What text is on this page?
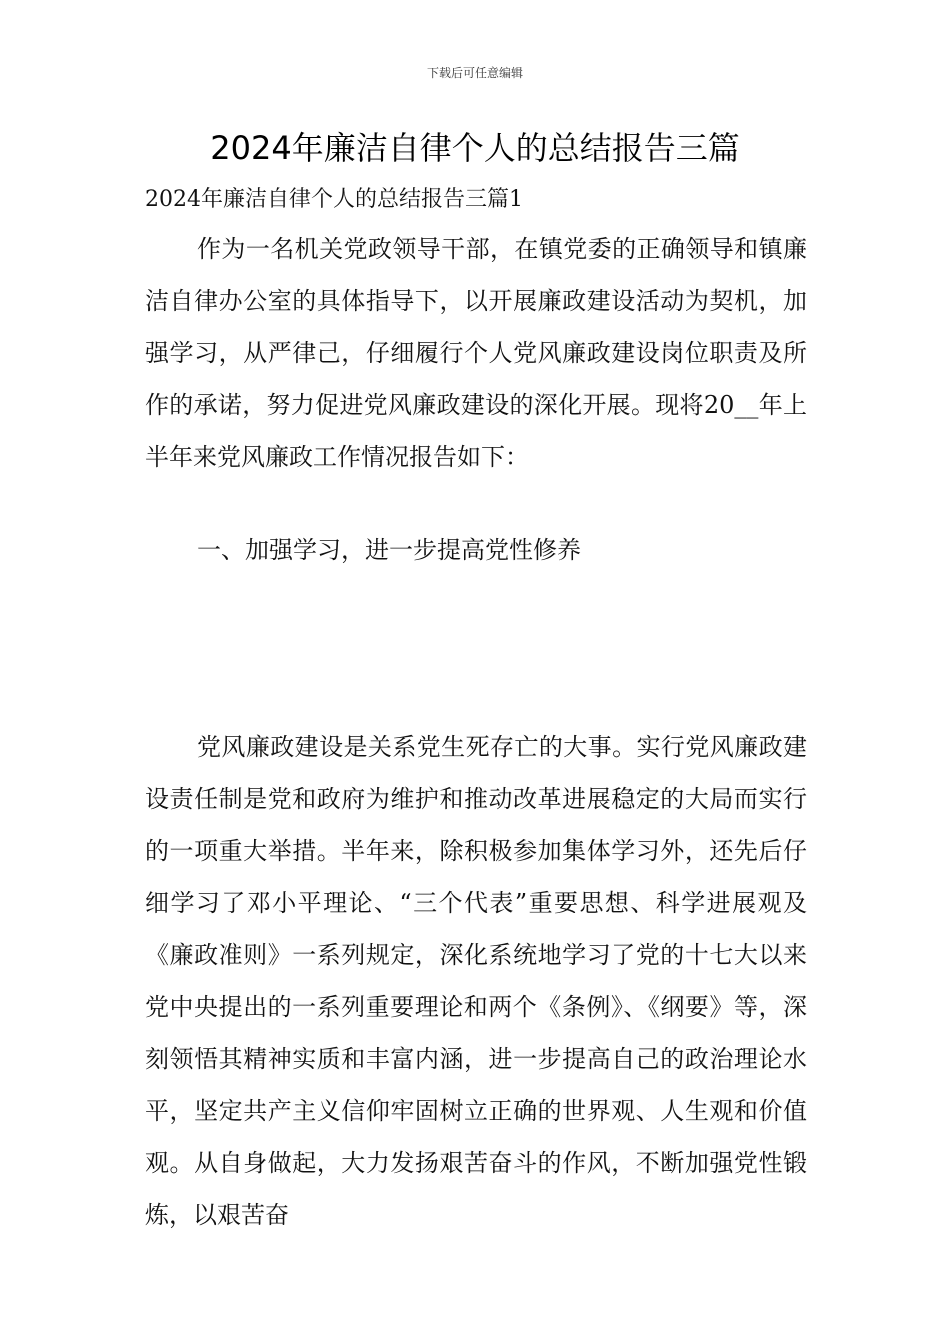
下载后可任意编辑
2024年廉洁自律个人的总结报告三篇
2024年廉洁自律个人的总结报告三篇1

作为一名机关党政领导干部，在镇党委的正确领导和镇廉洁自律办公室的具体指导下，以开展廉政建设活动为契机，加强学习，从严律己，仔细履行个人党风廉政建设岗位职责及所作的承诺，努力促进党风廉政建设的深化开展。现将20__年上半年来党风廉政工作情况报告如下：

一、加强学习，进一步提高党性修养

党风廉政建设是关系党生死存亡的大事。实行党风廉政建设责任制是党和政府为维护和推动改革进展稳定的大局而实行的一项重大举措。半年来，除积极参加集体学习外，还先后仔细学习了邓小平理论、“三个代表”重要思想、科学进展观及《廉政准则》一系列规定，深化系统地学习了党的十七大以来党中央提出的一系列重要理论和两个《条例》、《纲要》等，深刻领悟其精神实质和丰富内涵，进一步提高自己的政治理论水平，坚定共产主义信仰牢固树立正确的世界观、人生观和价值观。从自身做起，大力发扬艰苦奋斗的作风，不断加强党性锻炼，以艰苦奋
